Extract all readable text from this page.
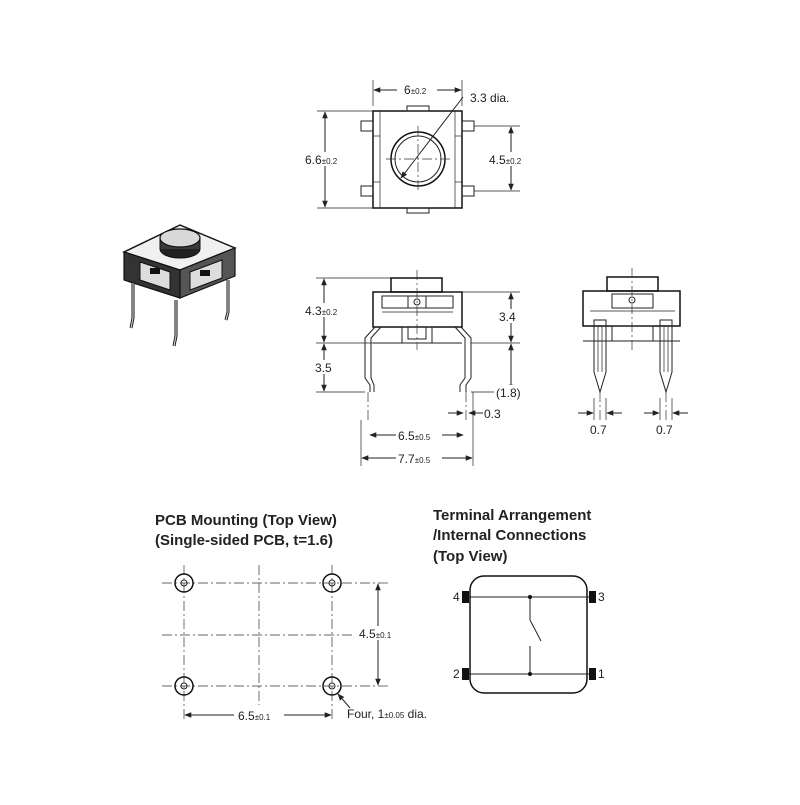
6±0.2	3.3 dia.
6.6±0.2	4.5±0.2
4.3±0.2
3.5
3.4
(1.8)
0.3
6.5±0.5
7.7±0.5
0.7	0.7
PCB Mounting (Top View)
(Single-sided PCB, t=1.6)
4.5±0.1
6.5±0.1	Four, 1±0.05 dia.
Terminal Arrangement
/Internal Connections
(Top View)
4	3
2	1
